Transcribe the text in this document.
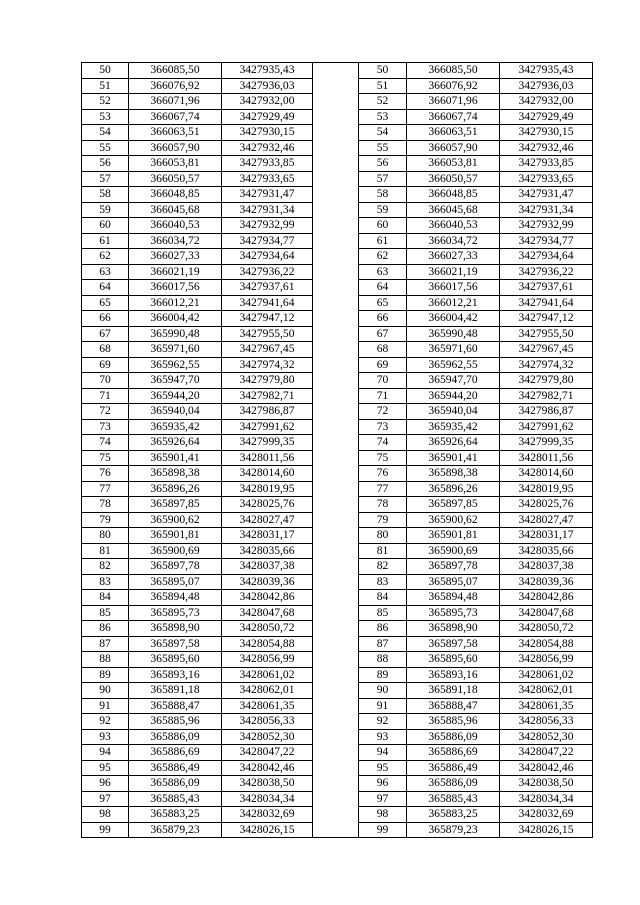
50	366085,50	3427935,43		50	366085,50	3427935,43
51	366076,92	3427936,03		51	366076,92	3427936,03
52	366071,96	3427932,00		52	366071,96	3427932,00
53	366067,74	3427929,49		53	366067,74	3427929,49
54	366063,51	3427930,15		54	366063,51	3427930,15
55	366057,90	3427932,46		55	366057,90	3427932,46
56	366053,81	3427933,85		56	366053,81	3427933,85
57	366050,57	3427933,65		57	366050,57	3427933,65
58	366048,85	3427931,47		58	366048,85	3427931,47
59	366045,68	3427931,34		59	366045,68	3427931,34
60	366040,53	3427932,99		60	366040,53	3427932,99
61	366034,72	3427934,77		61	366034,72	3427934,77
62	366027,33	3427934,64		62	366027,33	3427934,64
63	366021,19	3427936,22		63	366021,19	3427936,22
64	366017,56	3427937,61		64	366017,56	3427937,61
65	366012,21	3427941,64		65	366012,21	3427941,64
66	366004,42	3427947,12		66	366004,42	3427947,12
67	365990,48	3427955,50		67	365990,48	3427955,50
68	365971,60	3427967,45		68	365971,60	3427967,45
69	365962,55	3427974,32		69	365962,55	3427974,32
70	365947,70	3427979,80		70	365947,70	3427979,80
71	365944,20	3427982,71		71	365944,20	3427982,71
72	365940,04	3427986,87		72	365940,04	3427986,87
73	365935,42	3427991,62		73	365935,42	3427991,62
74	365926,64	3427999,35		74	365926,64	3427999,35
75	365901,41	3428011,56		75	365901,41	3428011,56
76	365898,38	3428014,60		76	365898,38	3428014,60
77	365896,26	3428019,95		77	365896,26	3428019,95
78	365897,85	3428025,76		78	365897,85	3428025,76
79	365900,62	3428027,47		79	365900,62	3428027,47
80	365901,81	3428031,17		80	365901,81	3428031,17
81	365900,69	3428035,66		81	365900,69	3428035,66
82	365897,78	3428037,38		82	365897,78	3428037,38
83	365895,07	3428039,36		83	365895,07	3428039,36
84	365894,48	3428042,86		84	365894,48	3428042,86
85	365895,73	3428047,68		85	365895,73	3428047,68
86	365898,90	3428050,72		86	365898,90	3428050,72
87	365897,58	3428054,88		87	365897,58	3428054,88
88	365895,60	3428056,99		88	365895,60	3428056,99
89	365893,16	3428061,02		89	365893,16	3428061,02
90	365891,18	3428062,01		90	365891,18	3428062,01
91	365888,47	3428061,35		91	365888,47	3428061,35
92	365885,96	3428056,33		92	365885,96	3428056,33
93	365886,09	3428052,30		93	365886,09	3428052,30
94	365886,69	3428047,22		94	365886,69	3428047,22
95	365886,49	3428042,46		95	365886,49	3428042,46
96	365886,09	3428038,50		96	365886,09	3428038,50
97	365885,43	3428034,34		97	365885,43	3428034,34
98	365883,25	3428032,69		98	365883,25	3428032,69
99	365879,23	3428026,15		99	365879,23	3428026,15
